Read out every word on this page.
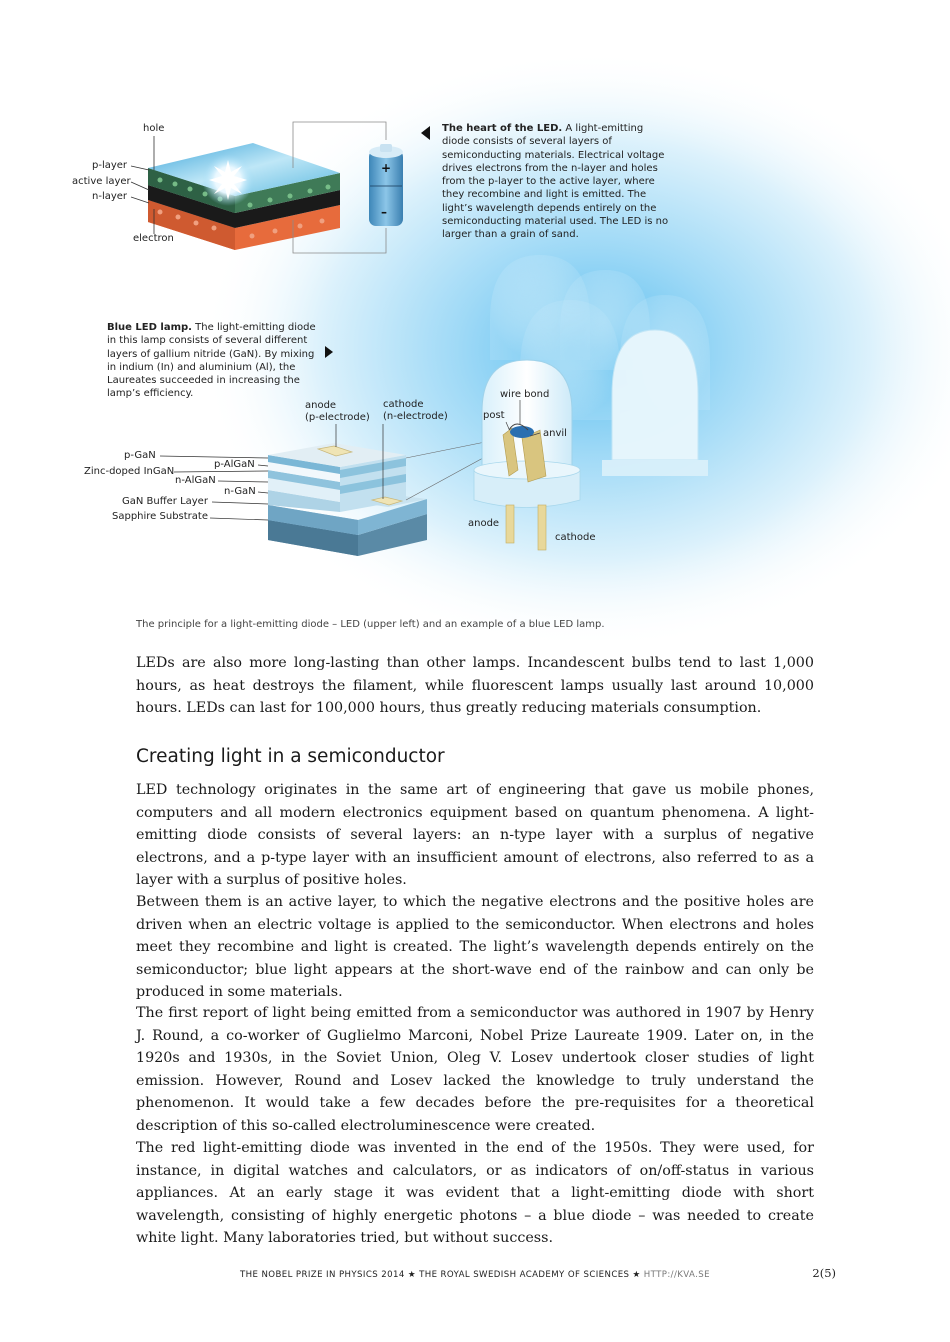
hole
p-layer
active layer
n-layer
electron
+
–
The heart of the LED. A light-emitting diode consists of several layers of semiconducting materials. Electrical voltage drives electrons from the n-layer and holes from the p-layer to the active layer, where they recombine and light is emitted. The light’s wavelength depends entirely on the semiconducting material used. The LED is no larger than a grain of sand.
Blue LED lamp. The light-emitting diode in this lamp consists of several different layers of gallium nitride (GaN). By mixing in indium (In) and aluminium (Al), the Laureates succeeded in increasing the lamp’s efficiency.
anode
(p-electrode)
cathode
(n-electrode)
p-GaN
p-AlGaN
Zinc-doped InGaN
n-AlGaN
n-GaN
GaN Buffer Layer
Sapphire Substrate
wire bond
post
anvil
anode
cathode
The principle for a light-emitting diode – LED (upper left) and an example of a blue LED lamp.

LEDs are also more long-lasting than other lamps. Incandescent bulbs tend to last 1,000 hours, as heat destroys the filament, while fluorescent lamps usually last around 10,000 hours. LEDs can last for 100,000 hours, thus greatly reducing materials consumption.

Creating light in a semiconductor

LED technology originates in the same art of engineering that gave us mobile phones, computers and all modern electronics equipment based on quantum phenomena. A light-emitting diode consists of several layers: an n-type layer with a surplus of negative electrons, and a p-type layer with an insufficient amount of electrons, also referred to as a layer with a surplus of positive holes.

Between them is an active layer, to which the negative electrons and the positive holes are driven when an electric voltage is applied to the semiconductor. When electrons and holes meet they recombine and light is created. The light’s wavelength depends entirely on the semiconductor; blue light appears at the short-wave end of the rainbow and can only be produced in some materials.

The first report of light being emitted from a semiconductor was authored in 1907 by Henry J. Round, a co-worker of Guglielmo Marconi, Nobel Prize Laureate 1909. Later on, in the 1920s and 1930s, in the Soviet Union, Oleg V. Losev undertook closer studies of light emission. However, Round and Losev lacked the knowledge to truly understand the phenomenon. It would take a few decades before the pre-requisites for a theoretical description of this so-called electroluminescence were created.

The red light-emitting diode was invented in the end of the 1950s. They were used, for instance, in digital watches and calculators, or as indicators of on/off-status in various appliances. At an early stage it was evident that a light-emitting diode with short wavelength, consisting of highly energetic photons – a blue diode – was needed to create white light. Many laboratories tried, but without success.

THE NOBEL PRIZE IN PHYSICS 2014 ★ THE ROYAL SWEDISH ACADEMY OF SCIENCES ★ HTTP://KVA.SE	2(5)
